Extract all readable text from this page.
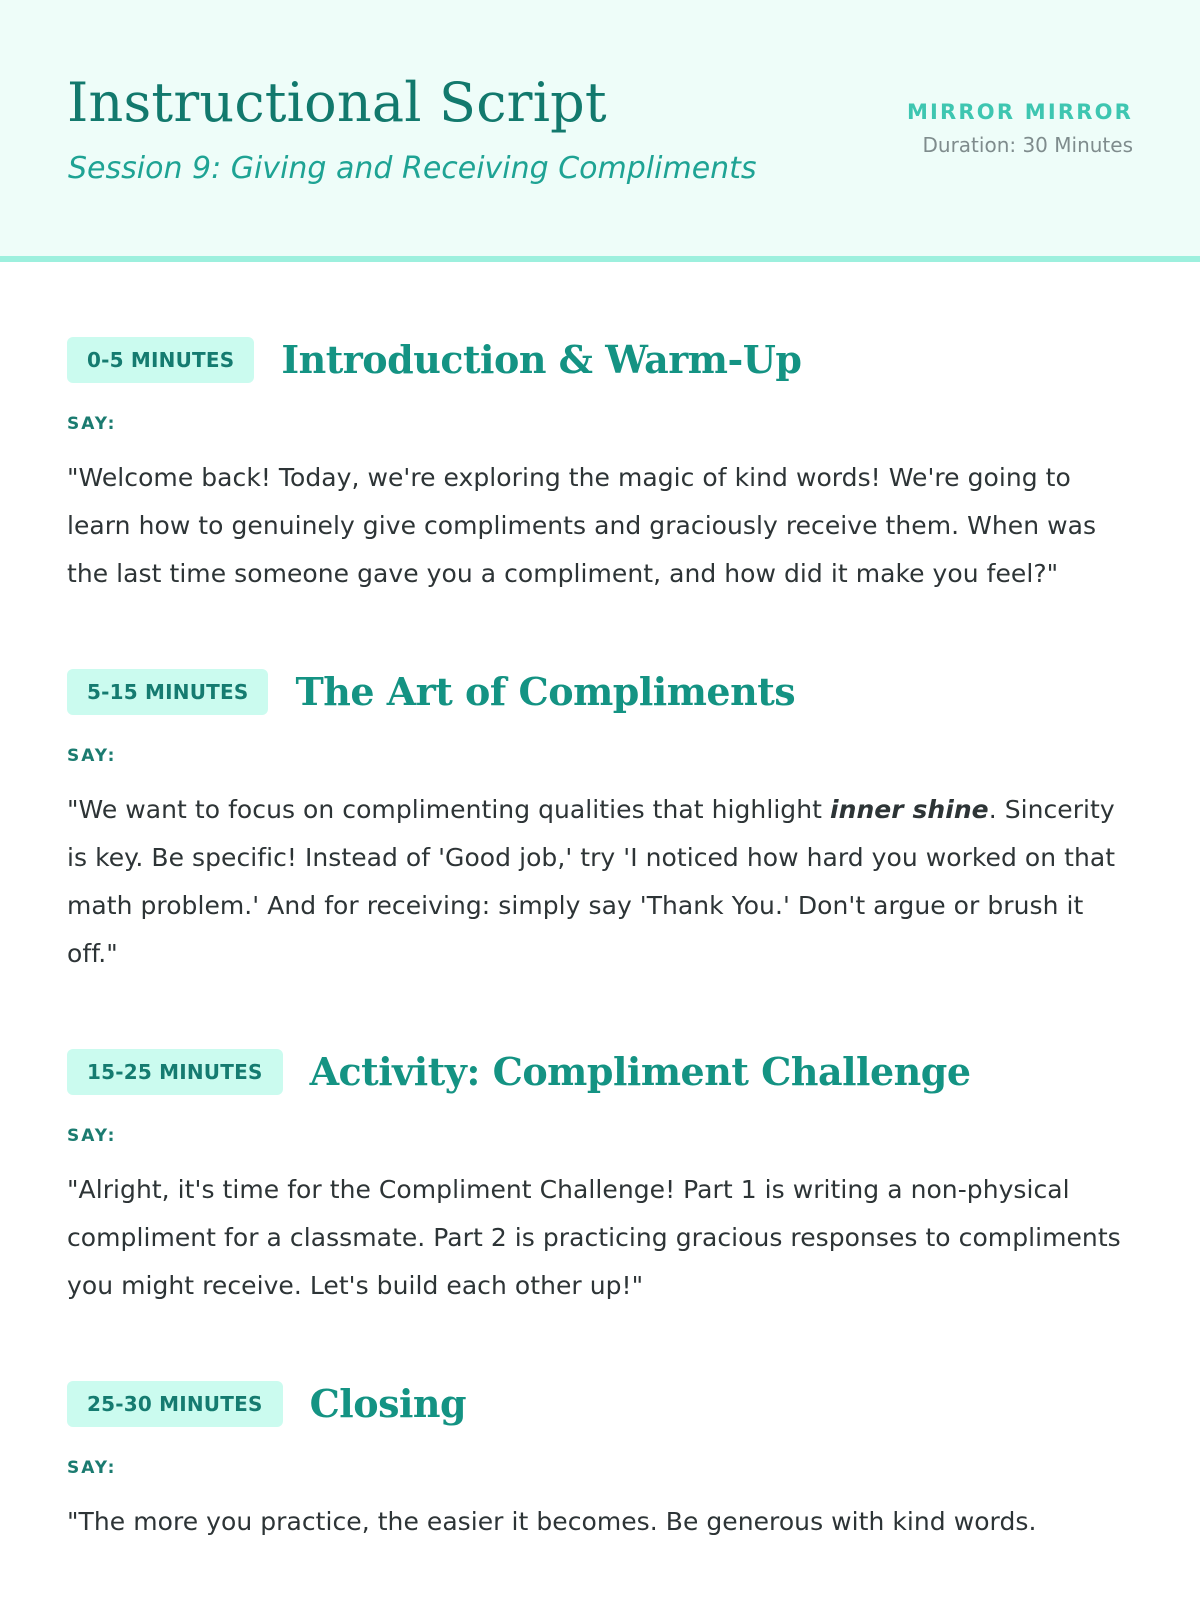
Instructional Script
Session 9: Giving and Receiving Compliments
MIRROR MIRROR
Duration: 30 Minutes
0-5 MINUTES	Introduction & Warm-Up
SAY:

"Welcome back! Today, we're exploring the magic of kind words! We're going to learn how to genuinely give compliments and graciously receive them. When was the last time someone gave you a compliment, and how did it make you feel?"

5-15 MINUTES	The Art of Compliments
SAY:

"We want to focus on complimenting qualities that highlight inner shine. Sincerity is key. Be specific! Instead of 'Good job,' try 'I noticed how hard you worked on that math problem.' And for receiving: simply say 'Thank You.' Don't argue or brush it off."

15-25 MINUTES	Activity: Compliment Challenge
SAY:

"Alright, it's time for the Compliment Challenge! Part 1 is writing a non-physical compliment for a classmate. Part 2 is practicing gracious responses to compliments you might receive. Let's build each other up!"

25-30 MINUTES	Closing
SAY:

"The more you practice, the easier it becomes. Be generous with kind words.
